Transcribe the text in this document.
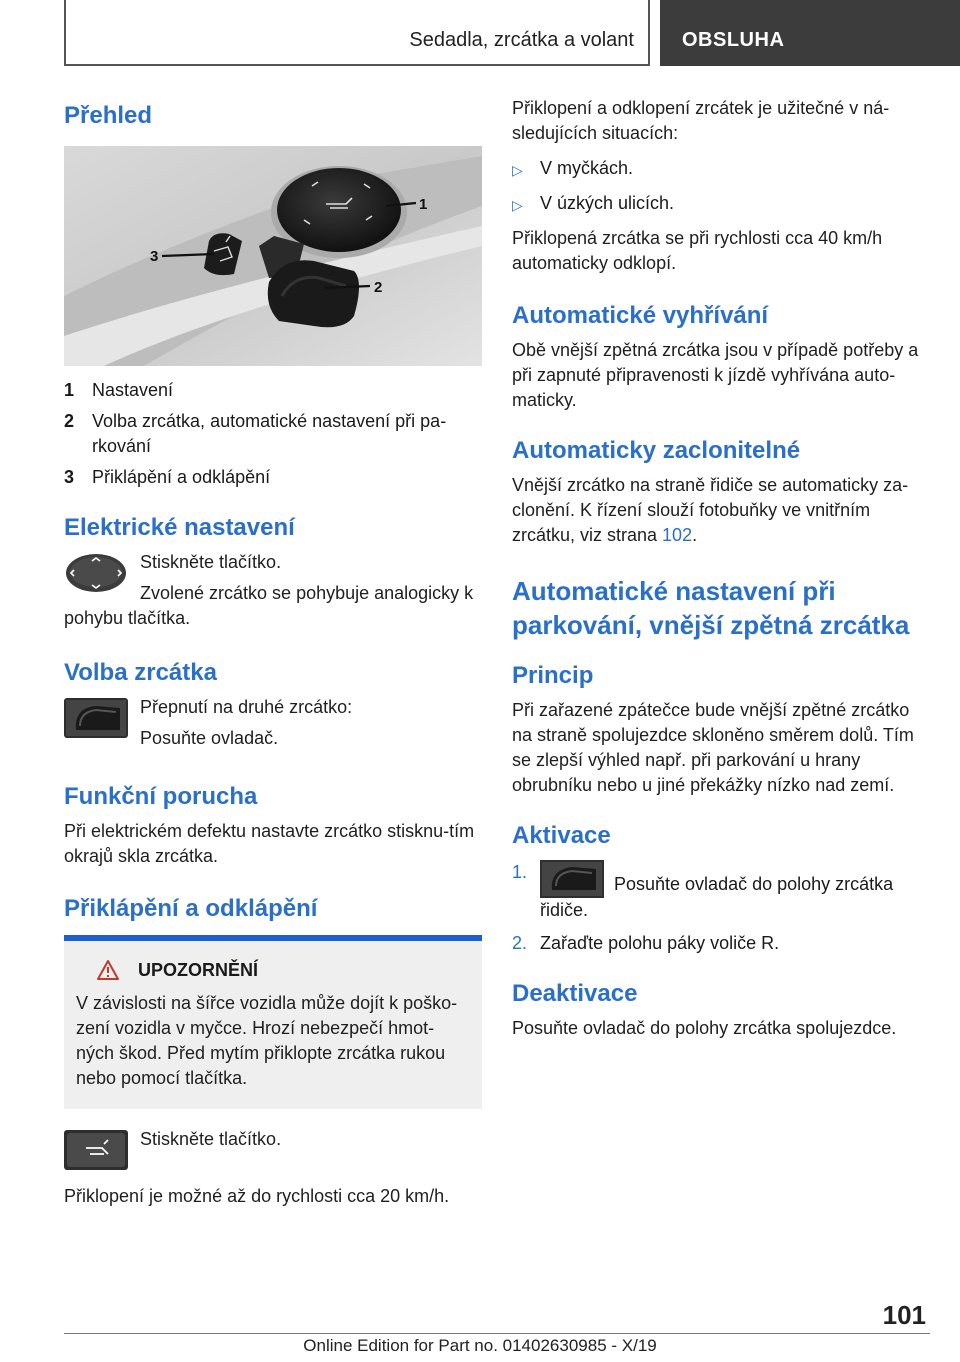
Sedadla, zrcátka a volant OBSLUHA
Přehled
1
2
3
1 Nastavení
2 Volba zrcátka, automatické nastavení při pa-rkování
3 Přiklápění a odklápění
Elektrické nastavení

Stiskněte tlačítko.

Zvolené zrcátko se pohybuje analogicky k pohybu tlačítka.

Volba zrcátka

Přepnutí na druhé zrcátko:

Posuňte ovladač.

Funkční porucha

Při elektrickém defektu nastavte zrcátko stisknu-tím okrajů skla zrcátka.

Přiklápění a odklápění
UPOZORNĚNÍ

V závislosti na šířce vozidla může dojít k poško-zení vozidla v myčce. Hrozí nebezpečí hmot-ných škod. Před mytím přiklopte zrcátka rukou nebo pomocí tlačítka.

Stiskněte tlačítko.

Přiklopení je možné až do rychlosti cca 20 km/h.

Přiklopení a odklopení zrcátek je užitečné v ná-sledujících situacích:

▷ V myčkách.
▷ V úzkých ulicích.

Přiklopená zrcátka se při rychlosti cca 40 km/h automaticky odklopí.

Automatické vyhřívání

Obě vnější zpětná zrcátka jsou v případě potřeby a při zapnuté připravenosti k jízdě vyhřívána auto-maticky.

Automaticky zaclonitelné

Vnější zrcátko na straně řidiče se automaticky za-clonění. K řízení slouží fotobuňky ve vnitřním zrcátku, viz strana 102.

Automatické nastavení při parkování, vnější zpětná zrcátka
Princip

Při zařazené zpátečce bude vnější zpětné zrcátko na straně spolujezdce skloněno směrem dolů. Tím se zlepší výhled např. při parkování u hrany obrubníku nebo u jiné překážky nízko nad zemí.

Aktivace
1.
Posuňte ovladač do polohy zrcátka řidiče.
2. Zařaďte polohu páky voliče R.
Deaktivace

Posuňte ovladač do polohy zrcátka spolujezdce.

101
Online Edition for Part no. 01402630985 - X/19
